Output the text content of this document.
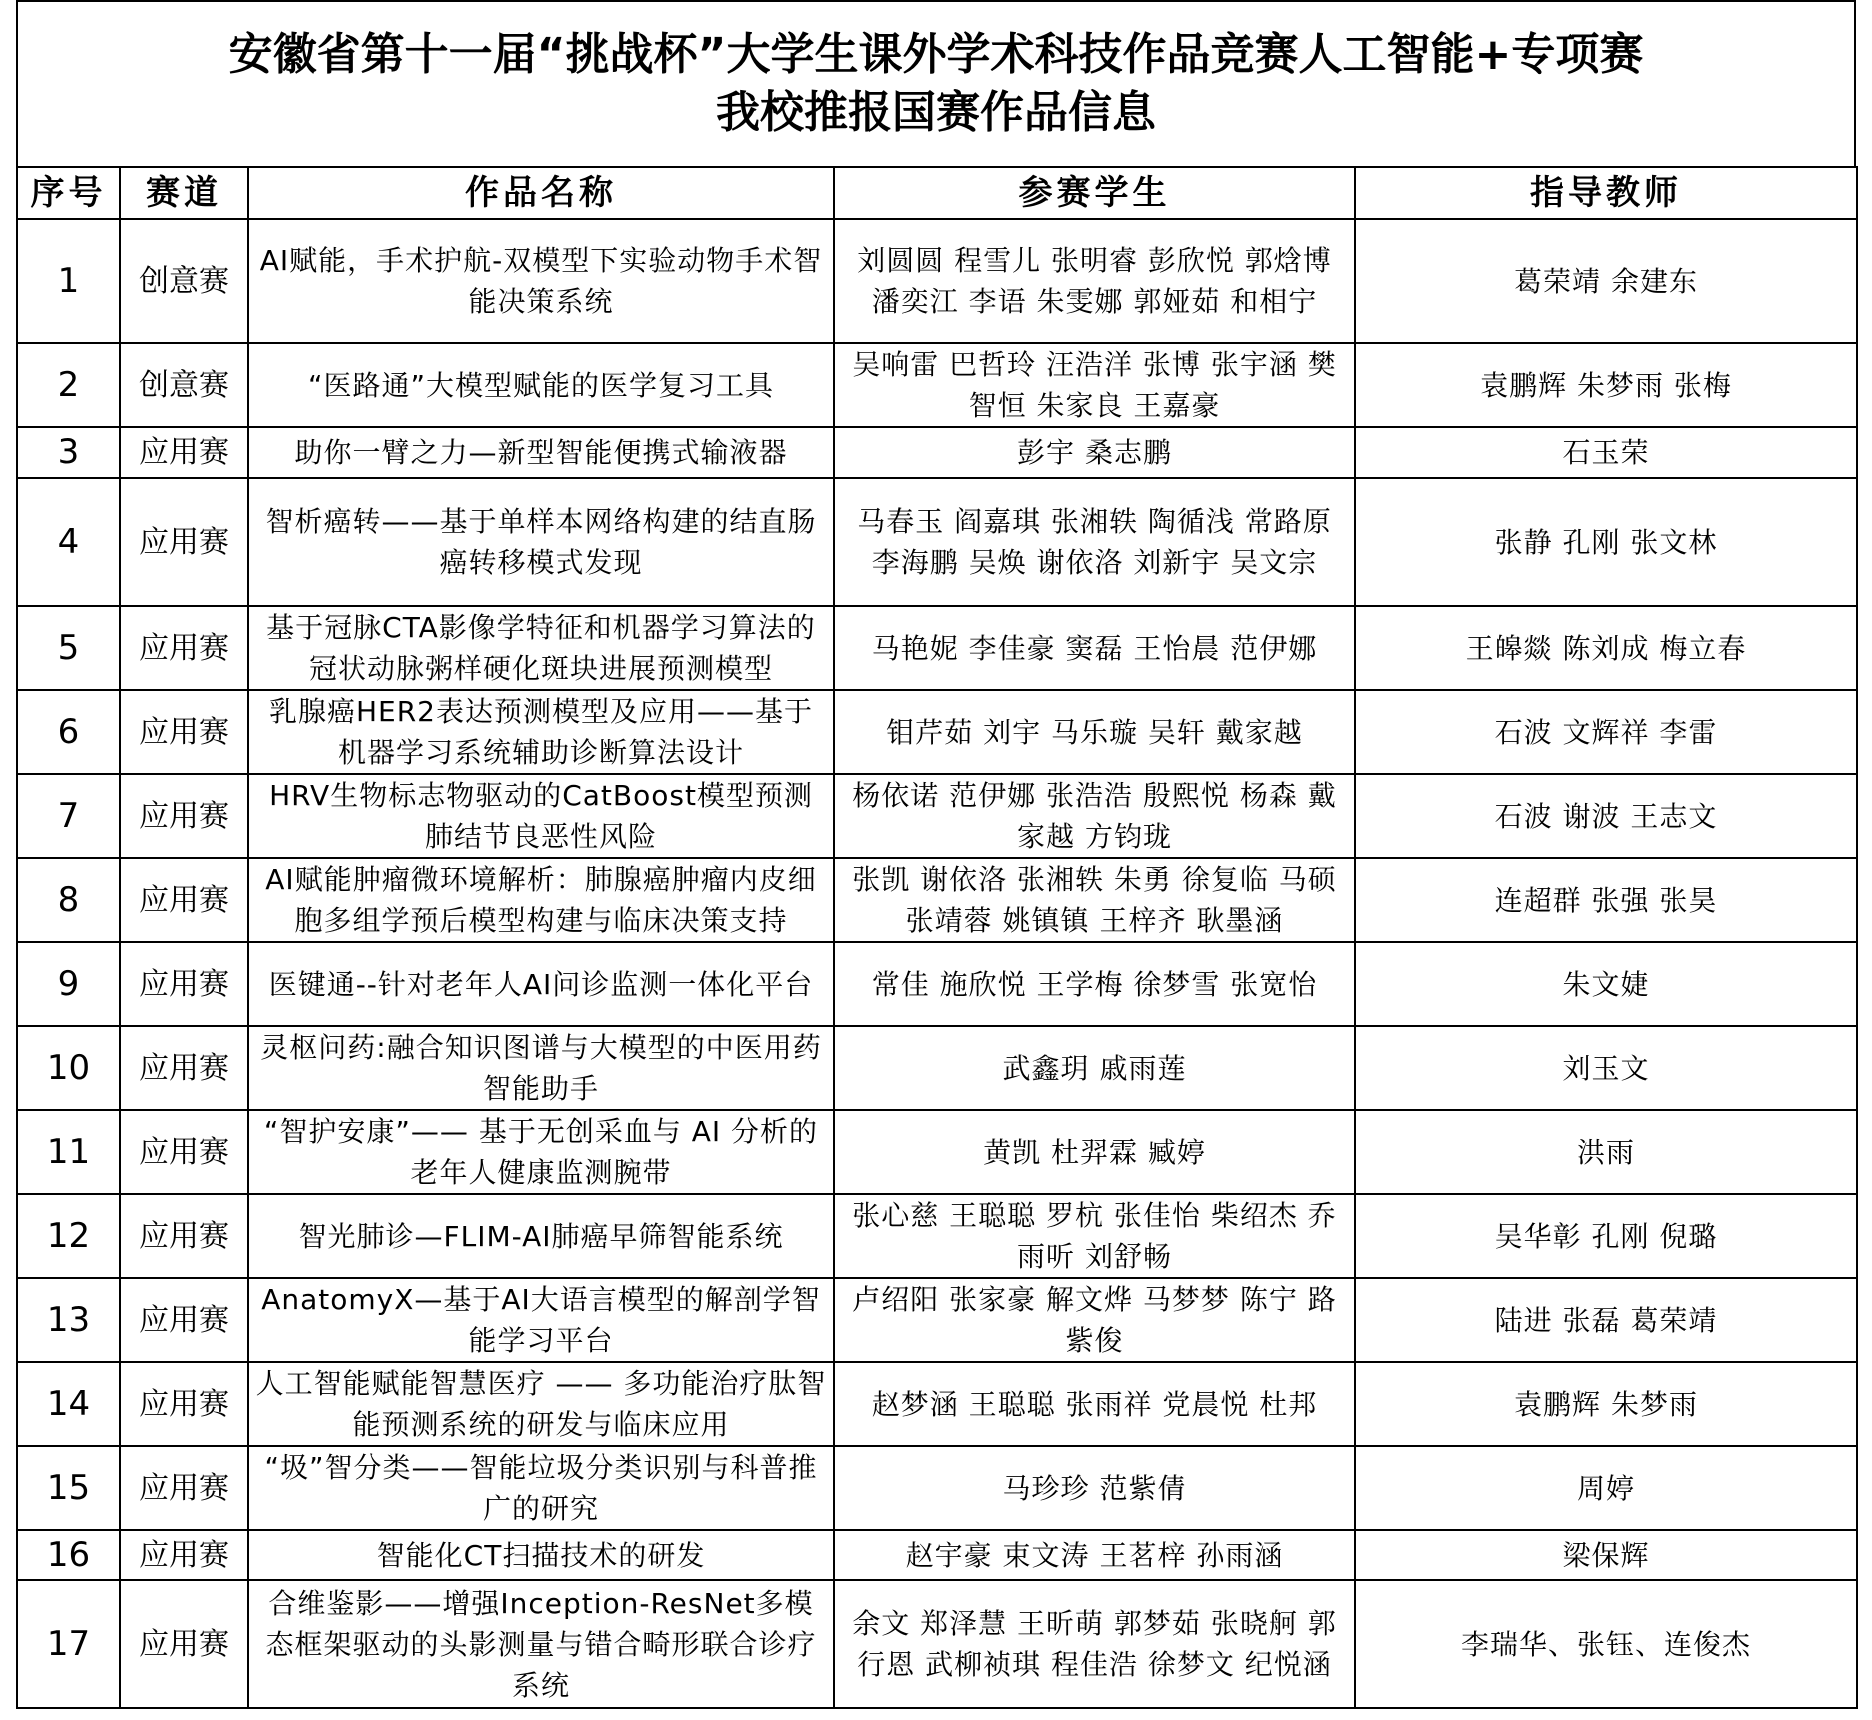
安徽省第十一届“挑战杯”大学生课外学术科技作品竞赛人工智能+专项赛
我校推报国赛作品信息
序号	赛道	作品名称	参赛学生	指导教师
1	创意赛	AI赋能，手术护航-双模型下实验动物手术智能决策系统	刘圆圆 程雪儿 张明睿 彭欣悦 郭焓博 潘奕江 李语 朱雯娜 郭娅茹 和相宁	葛荣靖 余建东
2	创意赛	“医路通”大模型赋能的医学复习工具	吴响雷 巴哲玲 汪浩洋 张博 张宇涵 樊智恒 朱家良 王嘉豪	袁鹏辉 朱梦雨 张梅
3	应用赛	助你一臂之力—新型智能便携式输液器	彭宇 桑志鹏	石玉荣
4	应用赛	智析癌转——基于单样本网络构建的结直肠癌转移模式发现	马春玉 阎嘉琪 张湘轶 陶循浅 常路原 李海鹏 吴焕 谢依洛 刘新宇 吴文宗	张静 孔刚 张文林
5	应用赛	基于冠脉CTA影像学特征和机器学习算法的冠状动脉粥样硬化斑块进展预测模型	马艳妮 李佳豪 窦磊 王怡晨 范伊娜	王皞燚 陈刘成 梅立春
6	应用赛	乳腺癌HER2表达预测模型及应用——基于机器学习系统辅助诊断算法设计	钼芹茹 刘宇 马乐璇 吴轩 戴家越	石波 文辉祥 李雷
7	应用赛	HRV生物标志物驱动的CatBoost模型预测肺结节良恶性风险	杨依诺 范伊娜 张浩浩 殷熙悦 杨森 戴家越 方钧珑	石波 谢波 王志文
8	应用赛	AI赋能肿瘤微环境解析：肺腺癌肿瘤内皮细胞多组学预后模型构建与临床决策支持	张凯 谢依洛 张湘轶 朱勇 徐复临 马硕 张靖蓉 姚镇镇 王梓齐 耿墨涵	连超群 张强 张昊
9	应用赛	医键通--针对老年人AI问诊监测一体化平台	常佳 施欣悦 王学梅 徐梦雪 张宽怡	朱文婕
10	应用赛	灵枢问药:融合知识图谱与大模型的中医用药智能助手	武鑫玥 戚雨莲	刘玉文
11	应用赛	“智护安康”—— 基于无创采血与 AI 分析的老年人健康监测腕带	黄凯 杜羿霖 臧婷	洪雨
12	应用赛	智光肺诊—FLIM-AI肺癌早筛智能系统	张心慈 王聪聪 罗杭 张佳怡 柴绍杰 乔雨听 刘舒畅	吴华彰 孔刚 倪璐
13	应用赛	AnatomyX—基于AI大语言模型的解剖学智能学习平台	卢绍阳 张家豪 解文烨 马梦梦 陈宁 路紫俊	陆进 张磊 葛荣靖
14	应用赛	人工智能赋能智慧医疗 —— 多功能治疗肽智能预测系统的研发与临床应用	赵梦涵 王聪聪 张雨祥 党晨悦 杜邦	袁鹏辉 朱梦雨
15	应用赛	“圾”智分类——智能垃圾分类识别与科普推广的研究	马珍珍 范紫倩	周婷
16	应用赛	智能化CT扫描技术的研发	赵宇豪 束文涛 王茗梓 孙雨涵	梁保辉
17	应用赛	合维鉴影——增强Inception-ResNet多模态框架驱动的头影测量与错合畸形联合诊疗系统	余文 郑泽慧 王昕萌 郭梦茹 张晓舸 郭行恩 武柳祯琪 程佳浩 徐梦文 纪悦涵	李瑞华、张钰、连俊杰
